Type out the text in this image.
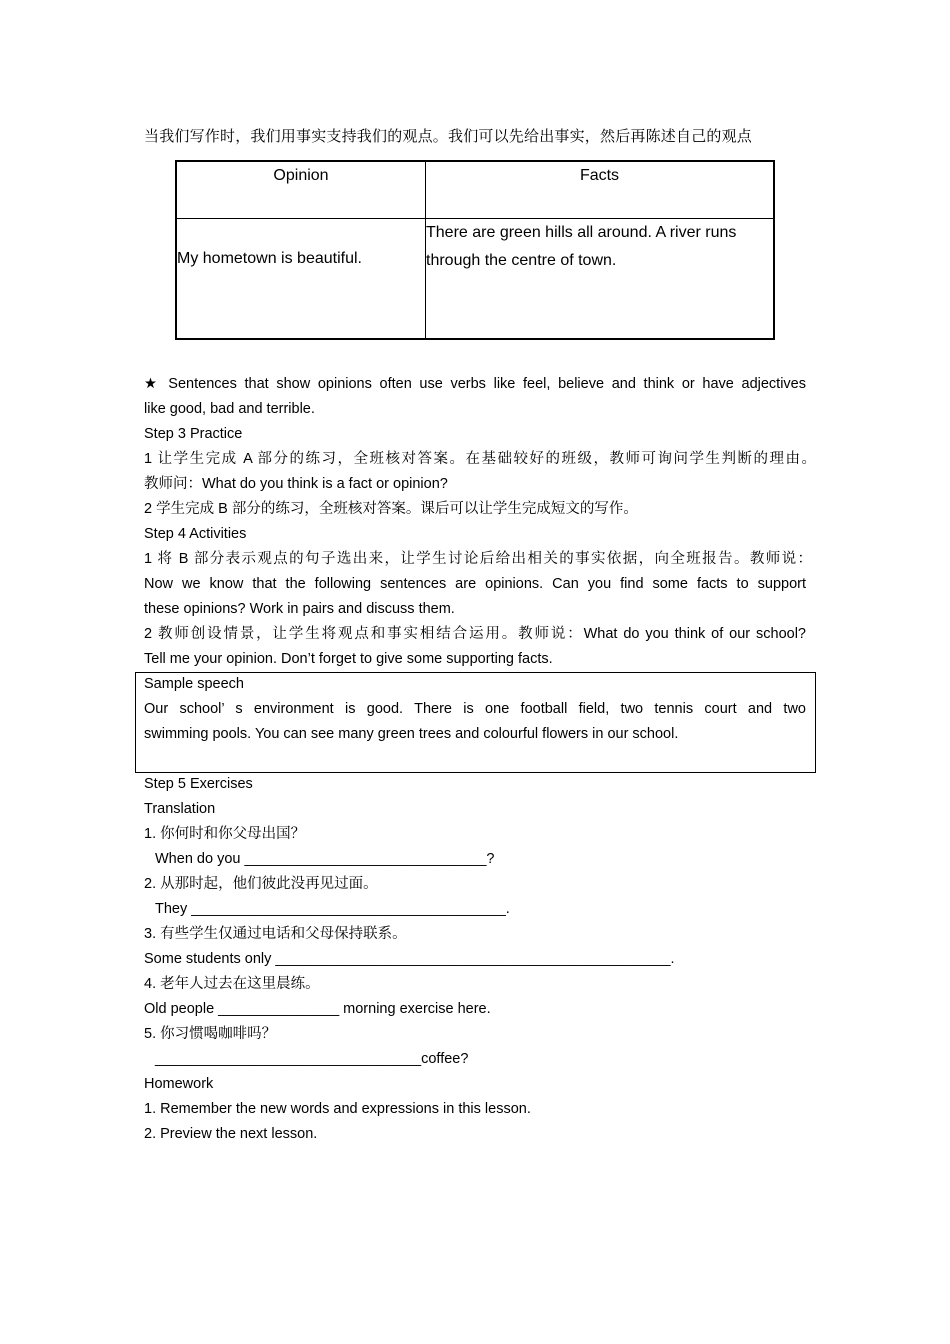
当我们写作时，我们用事实支持我们的观点。我们可以先给出事实，然后再陈述自己的观点
Opinion	Facts
My hometown is beautiful.	There are green hills all around. A river runs
through the centre of town.
★ Sentences that show opinions often use verbs like feel, believe and think or have adjectives
like good, bad and terrible.
Step 3 Practice
1 让学生完成 A 部分的练习，全班核对答案。在基础较好的班级，教师可询问学生判断的理由。
教师问：What do you think is a fact or opinion?
2 学生完成 B 部分的练习，全班核对答案。课后可以让学生完成短文的写作。
Step 4 Activities
1 将 B 部分表示观点的句子选出来，让学生讨论后给出相关的事实依据，向全班报告。教师说：
Now we know that the following sentences are opinions. Can you find some facts to support
these opinions? Work in pairs and discuss them.
2 教师创设情景，让学生将观点和事实相结合运用。教师说：What do you think of our school?
Tell me your opinion. Don’t forget to give some supporting facts.
Sample speech
Our school’ s environment is good. There is one football field, two tennis court and two
swimming pools. You can see many green trees and colourful flowers in our school.
Step 5 Exercises
Translation
1. 你何时和你父母出国？
When do you ______________________________?
2. 从那时起，他们彼此没再见过面。
They _______________________________________.
3. 有些学生仅通过电话和父母保持联系。
Some students only _________________________________________________.
4. 老年人过去在这里晨练。
Old people _______________ morning exercise here.
5. 你习惯喝咖啡吗？
_________________________________coffee?
Homework
1. Remember the new words and expressions in this lesson.
2. Preview the next lesson.
